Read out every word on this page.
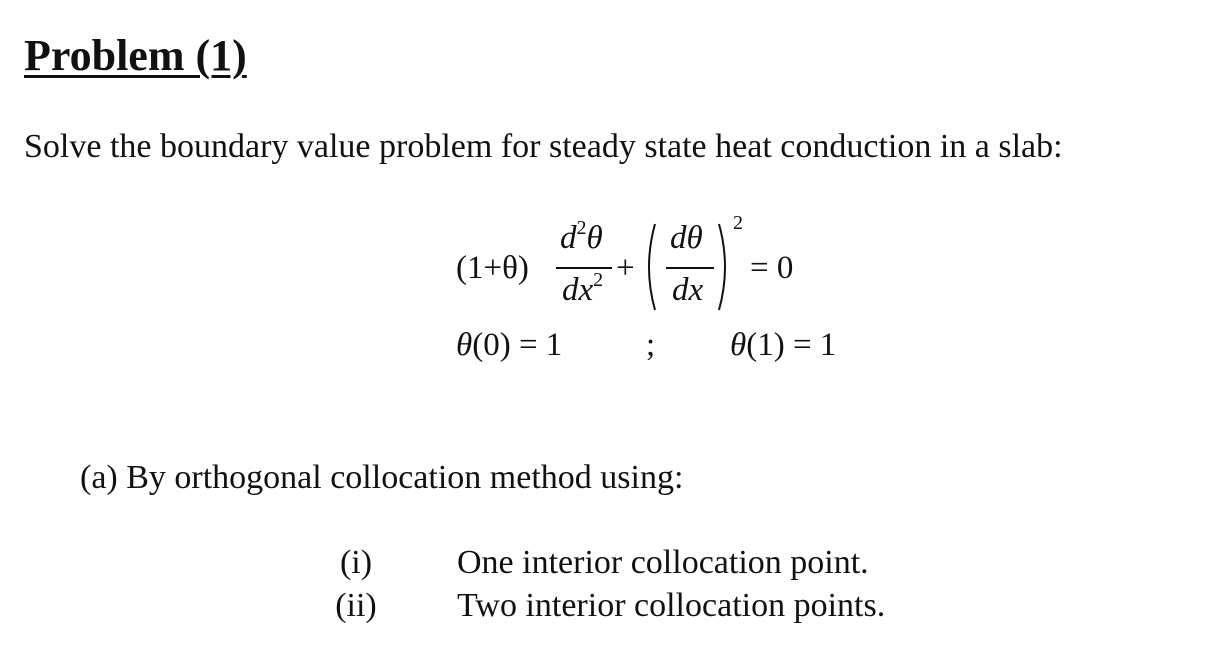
Problem (1)
Solve the boundary value problem for steady state heat conduction in a slab:
(1+θ)
$d^2\theta$
$dx^2$ +
dθ
dx
2
= 0
θ(0) = 1	; θ(1) = 1
(a) By orthogonal collocation method using:
(i)	One interior collocation point.
(ii) Two interior collocation points.
